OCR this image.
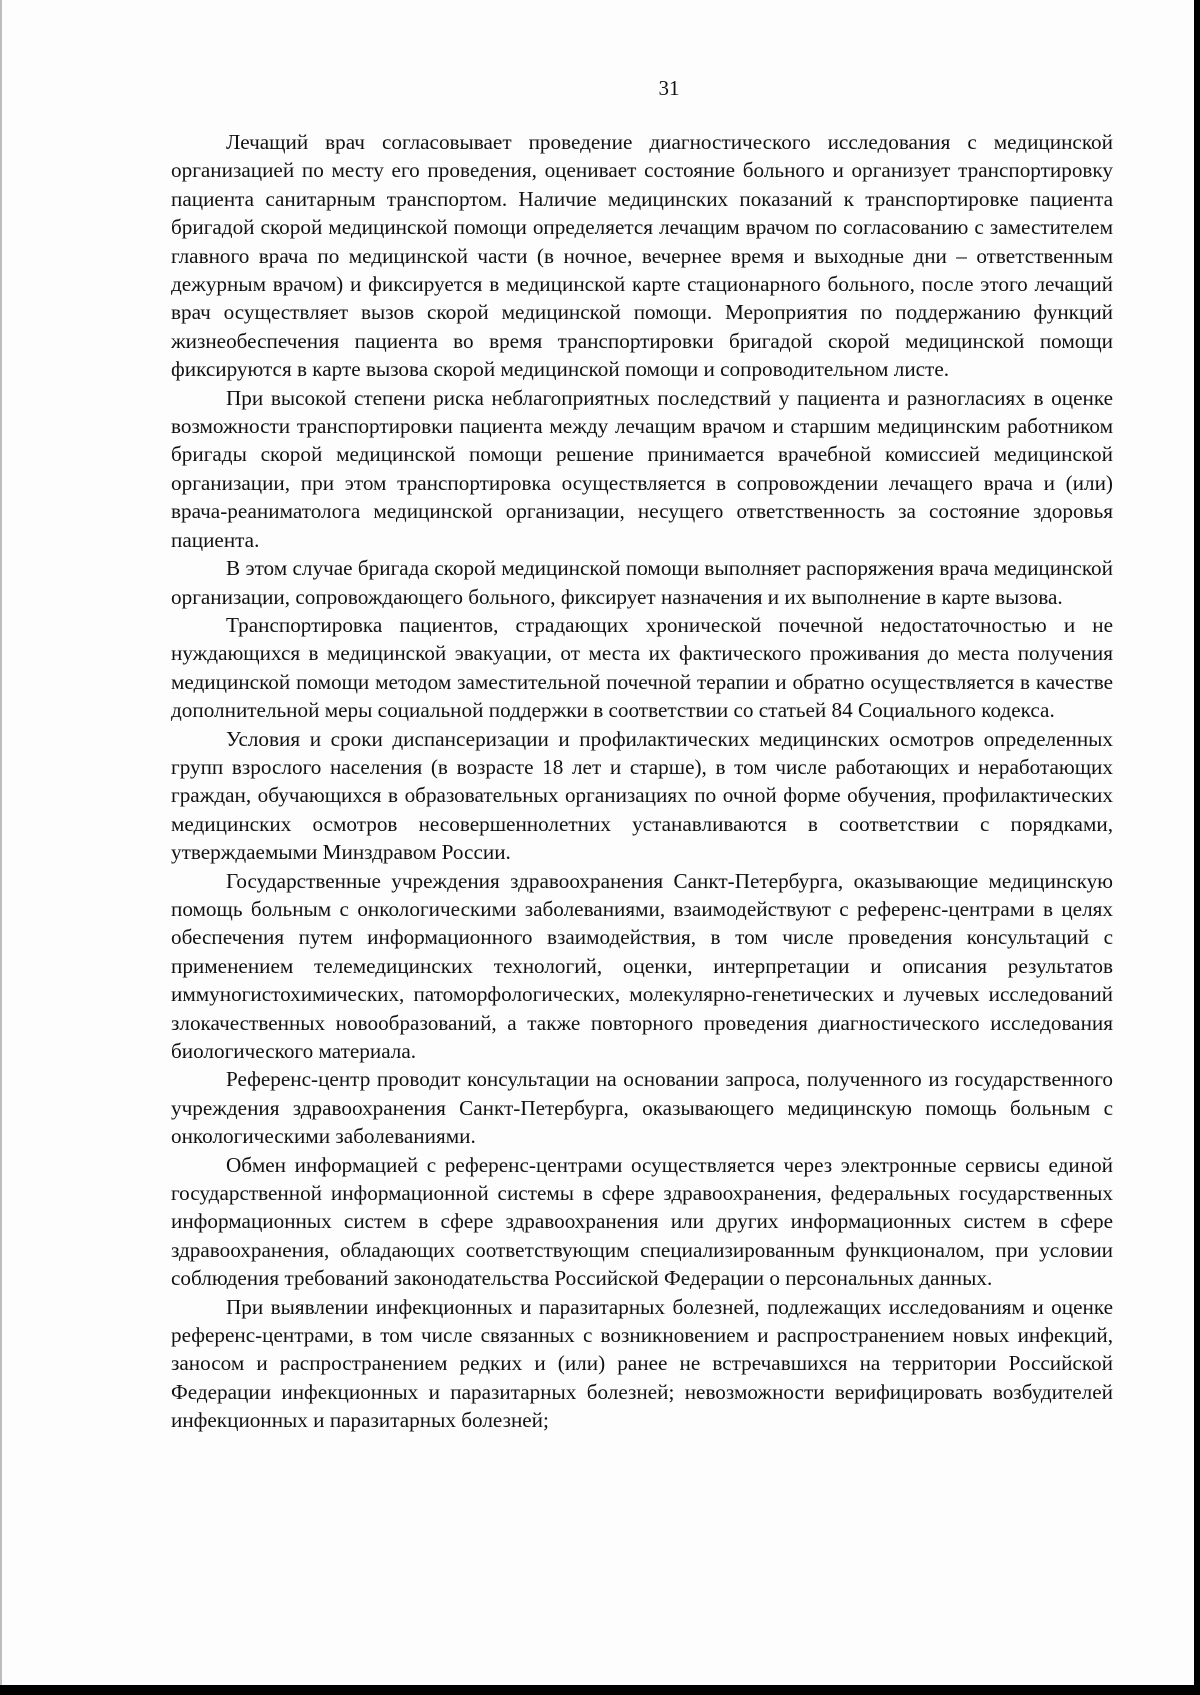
31

Лечащий врач согласовывает проведение диагностического исследования с медицинской организацией по месту его проведения, оценивает состояние больного и организует транспортировку пациента санитарным транспортом. Наличие медицинских показаний к транспортировке пациента бригадой скорой медицинской помощи определяется лечащим врачом по согласованию с заместителем главного врача по медицинской части (в ночное, вечернее время и выходные дни – ответственным дежурным врачом) и фиксируется в медицинской карте стационарного больного, после этого лечащий врач осуществляет вызов скорой медицинской помощи. Мероприятия по поддержанию функций жизнеобеспечения пациента во время транспортировки бригадой скорой медицинской помощи фиксируются в карте вызова скорой медицинской помощи и сопроводительном листе.

При высокой степени риска неблагоприятных последствий у пациента и разногласиях в оценке возможности транспортировки пациента между лечащим врачом и старшим медицинским работником бригады скорой медицинской помощи решение принимается врачебной комиссией медицинской организации, при этом транспортировка осуществляется в сопровождении лечащего врача и (или) врача-реаниматолога медицинской организации, несущего ответственность за состояние здоровья пациента.

В этом случае бригада скорой медицинской помощи выполняет распоряжения врача медицинской организации, сопровождающего больного, фиксирует назначения и их выполнение в карте вызова.

Транспортировка пациентов, страдающих хронической почечной недостаточностью и не нуждающихся в медицинской эвакуации, от места их фактического проживания до места получения медицинской помощи методом заместительной почечной терапии и обратно осуществляется в качестве дополнительной меры социальной поддержки в соответствии со статьей 84 Социального кодекса.

Условия и сроки диспансеризации и профилактических медицинских осмотров определенных групп взрослого населения (в возрасте 18 лет и старше), в том числе работающих и неработающих граждан, обучающихся в образовательных организациях по очной форме обучения, профилактических медицинских осмотров несовершеннолетних устанавливаются в соответствии с порядками, утверждаемыми Минздравом России.

Государственные учреждения здравоохранения Санкт-Петербурга, оказывающие медицинскую помощь больным с онкологическими заболеваниями, взаимодействуют с референс-центрами в целях обеспечения путем информационного взаимодействия, в том числе проведения консультаций с применением телемедицинских технологий, оценки, интерпретации и описания результатов иммуногистохимических, патоморфологических, молекулярно-генетических и лучевых исследований злокачественных новообразований, а также повторного проведения диагностического исследования биологического материала.

Референс-центр проводит консультации на основании запроса, полученного из государственного учреждения здравоохранения Санкт-Петербурга, оказывающего медицинскую помощь больным с онкологическими заболеваниями.

Обмен информацией с референс-центрами осуществляется через электронные сервисы единой государственной информационной системы в сфере здравоохранения, федеральных государственных информационных систем в сфере здравоохранения или других информационных систем в сфере здравоохранения, обладающих соответствующим специализированным функционалом, при условии соблюдения требований законодательства Российской Федерации о персональных данных.

При выявлении инфекционных и паразитарных болезней, подлежащих исследованиям и оценке референс-центрами, в том числе связанных с возникновением и распространением новых инфекций, заносом и распространением редких и (или) ранее не встречавшихся на территории Российской Федерации инфекционных и паразитарных болезней; невозможности верифицировать возбудителей инфекционных и паразитарных болезней;
